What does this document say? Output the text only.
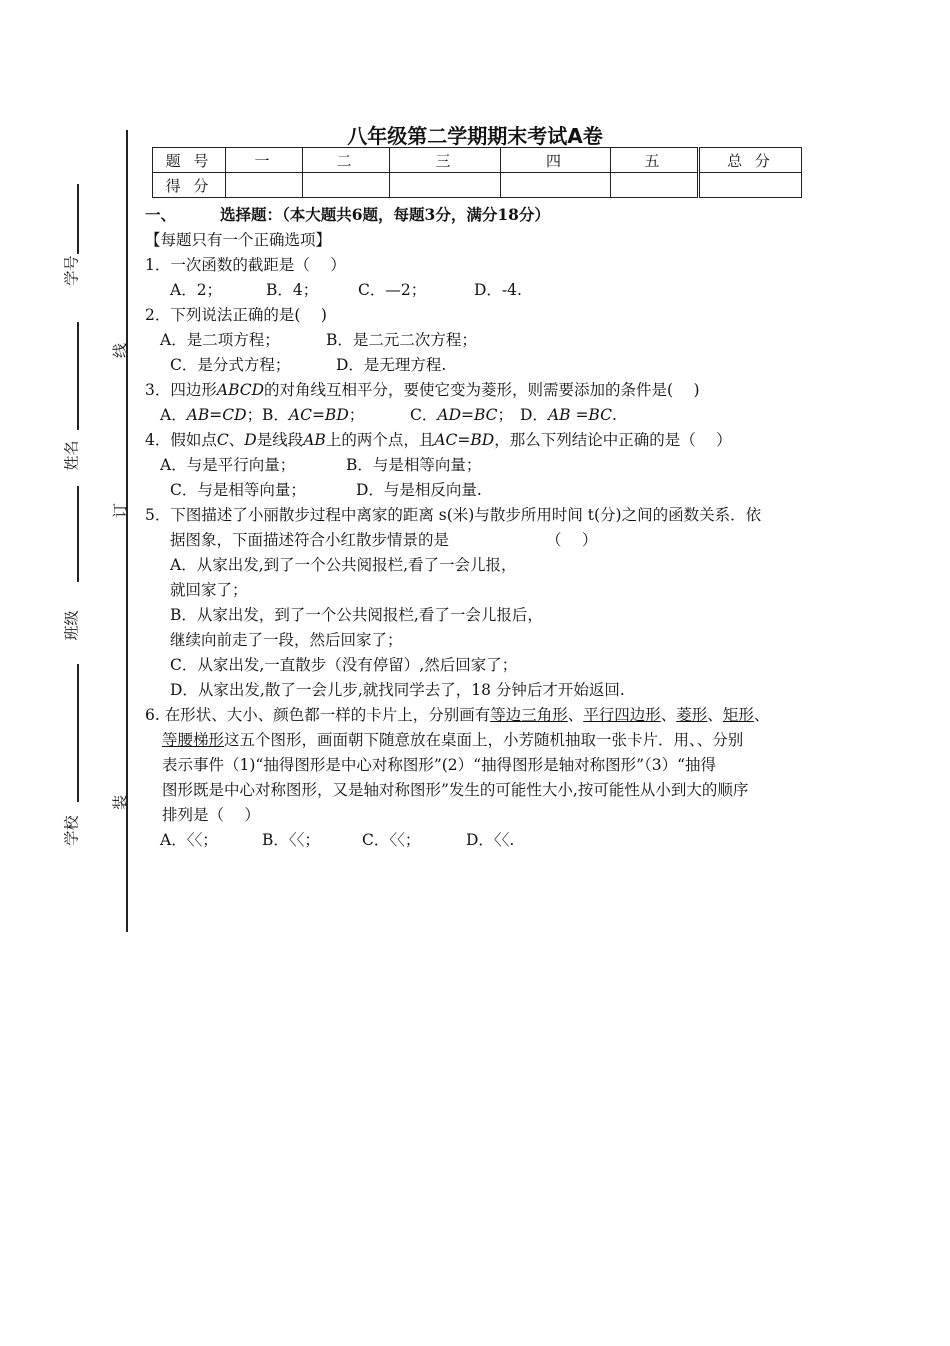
学号
姓名
班级
学校
线
订
装
八年级第二学期期末考试A卷
题 号	一	二	三	四	五	总 分
得 分						
一、	选择题：（本大题共6题，每题3分，满分18分）
【每题只有一个正确选项】
1．一次函数的截距是（　 ）
A．2；	B．4；	C．—2；	D．-4.
2．下列说法正确的是(　 )
A．是二项方程；	B．是二元二次方程；
C．是分式方程；	D．是无理方程.
3．四边形ABCD的对角线互相平分，要使它变为菱形，则需要添加的条件是(　 )
A．AB=CD；B．AC=BD；	C．AD=BC； D．AB =BC.
4．假如点C、D是线段AB上的两个点，且AC=BD，那么下列结论中正确的是（　 ）
A．与是平行向量；	B．与是相等向量；
C．与是相等向量；	D．与是相反向量.
5．下图描述了小丽散步过程中离家的距离 s(米)与散步所用时间 t(分)之间的函数关系．依
据图象，下面描述符合小红散步情景的是	（　 ）
A．从家出发,到了一个公共阅报栏,看了一会儿报，
就回家了；
B．从家出发，到了一个公共阅报栏,看了一会儿报后，
继续向前走了一段，然后回家了；
C．从家出发,一直散步（没有停留）,然后回家了；
D．从家出发,散了一会儿步,就找同学去了，18 分钟后才开始返回.
6. 在形状、大小、颜色都一样的卡片上，分别画有等边三角形、平行四边形、菱形、矩形、
等腰梯形这五个图形，画面朝下随意放在桌面上，小芳随机抽取一张卡片．用、、分别
表示事件（1)“抽得图形是中心对称图形”(2）“抽得图形是轴对称图形”（3）“抽得
图形既是中心对称图形，又是轴对称图形”发生的可能性大小,按可能性从小到大的顺序
排列是（　 ）
A．〈〈；	B．〈〈；	C．〈〈；	D．〈〈.
